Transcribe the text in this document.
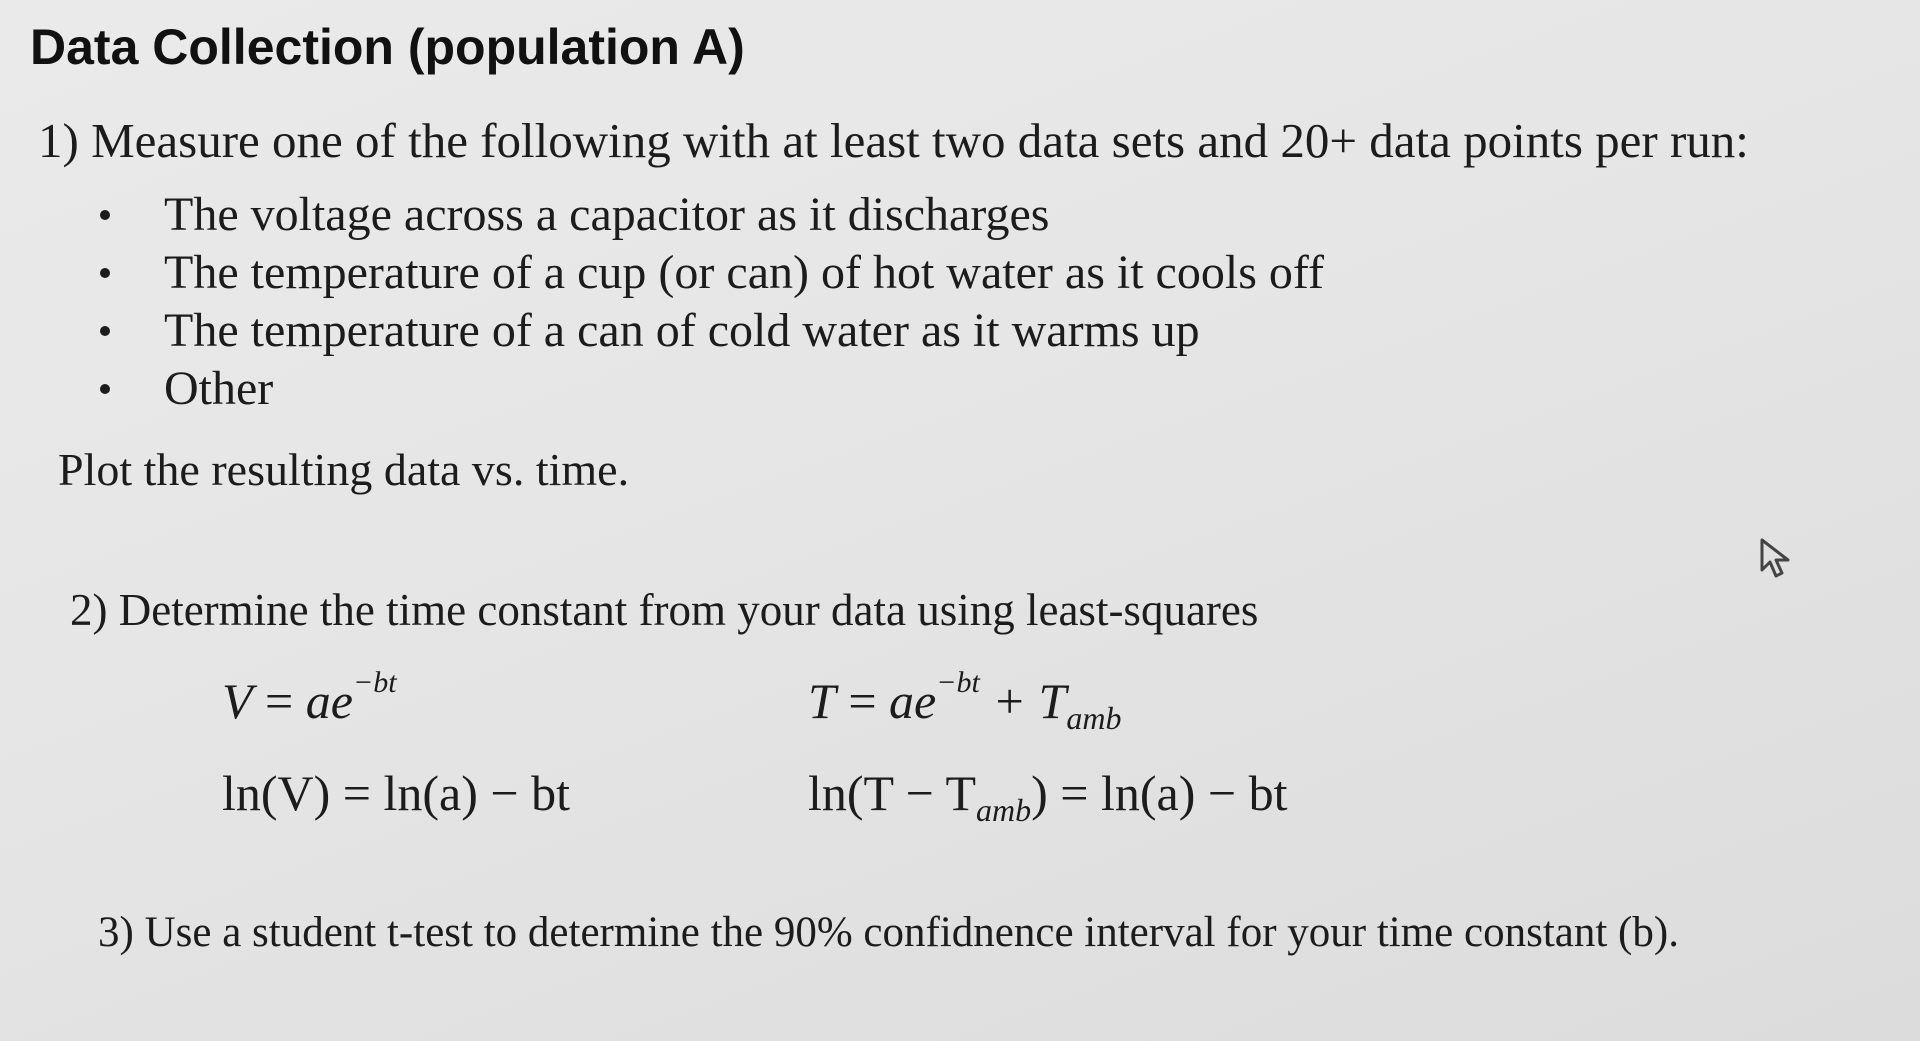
Data Collection (population A)
1) Measure one of the following with at least two data sets and 20+ data points per run:
The voltage across a capacitor as it discharges
The temperature of a cup (or can) of hot water as it cools off
The temperature of a can of cold water as it warms up
Other
Plot the resulting data vs. time.
2) Determine the time constant from your data using least-squares
$V = ae^{-bt}$	$T = ae^{-bt} + T_{amb}$
ln(V) = ln(a) − bt	$\ln(T - T_{amb}) = \ln(a)$ − bt
3) Use a student t-test to determine the 90% confidnence interval for your time constant (b).
